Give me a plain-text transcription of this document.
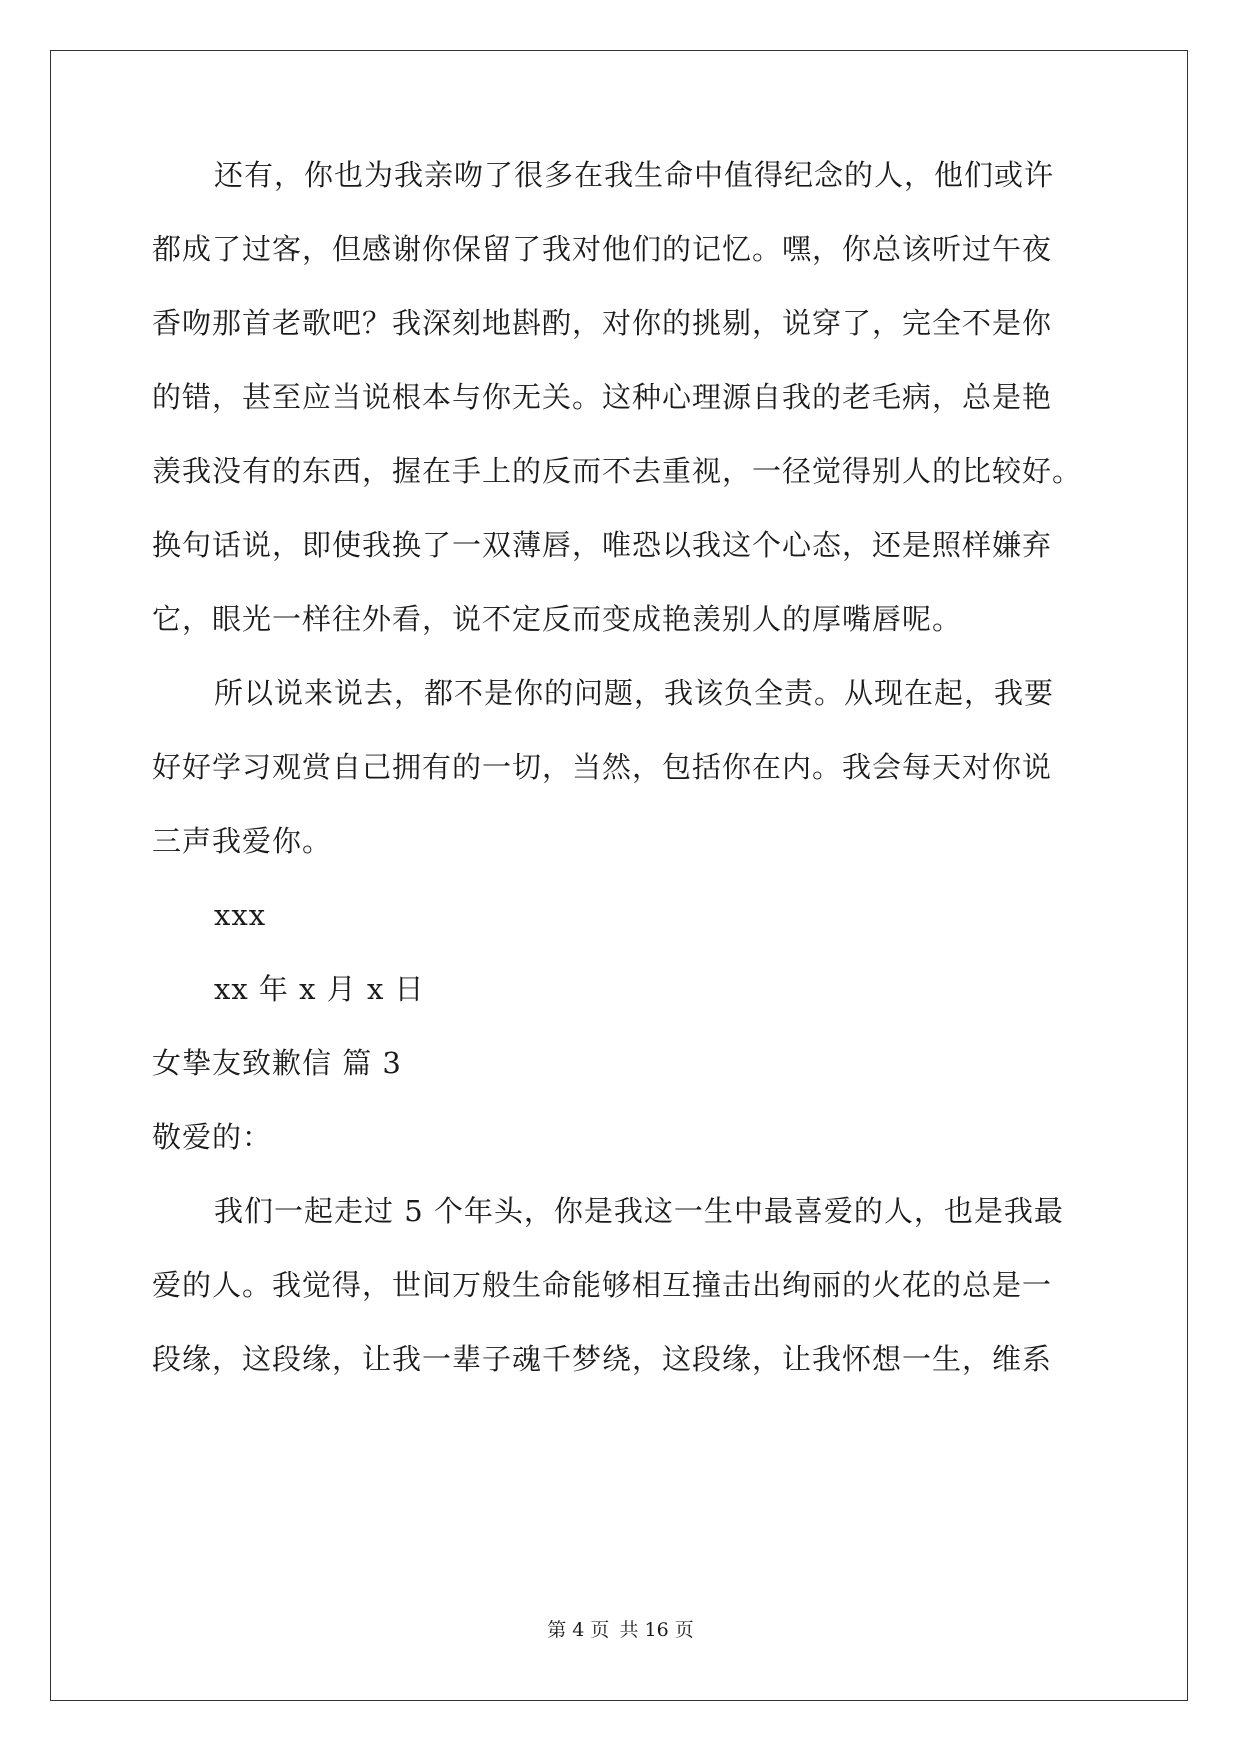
还有，你也为我亲吻了很多在我生命中值得纪念的人，他们或许
都成了过客，但感谢你保留了我对他们的记忆。嘿，你总该听过午夜
香吻那首老歌吧？我深刻地斟酌，对你的挑剔，说穿了，完全不是你
的错，甚至应当说根本与你无关。这种心理源自我的老毛病，总是艳
羡我没有的东西，握在手上的反而不去重视，一径觉得别人的比较好。
换句话说，即使我换了一双薄唇，唯恐以我这个心态，还是照样嫌弃
它，眼光一样往外看，说不定反而变成艳羡别人的厚嘴唇呢。
所以说来说去，都不是你的问题，我该负全责。从现在起，我要
好好学习观赏自己拥有的一切，当然，包括你在内。我会每天对你说
三声我爱你。
xxx
xx 年 x 月 x 日
女挚友致歉信 篇 3
敬爱的：
我们一起走过 5 个年头，你是我这一生中最喜爱的人，也是我最
爱的人。我觉得，世间万般生命能够相互撞击出绚丽的火花的总是一
段缘，这段缘，让我一辈子魂千梦绕，这段缘，让我怀想一生，维系
第 4 页 共 16 页
